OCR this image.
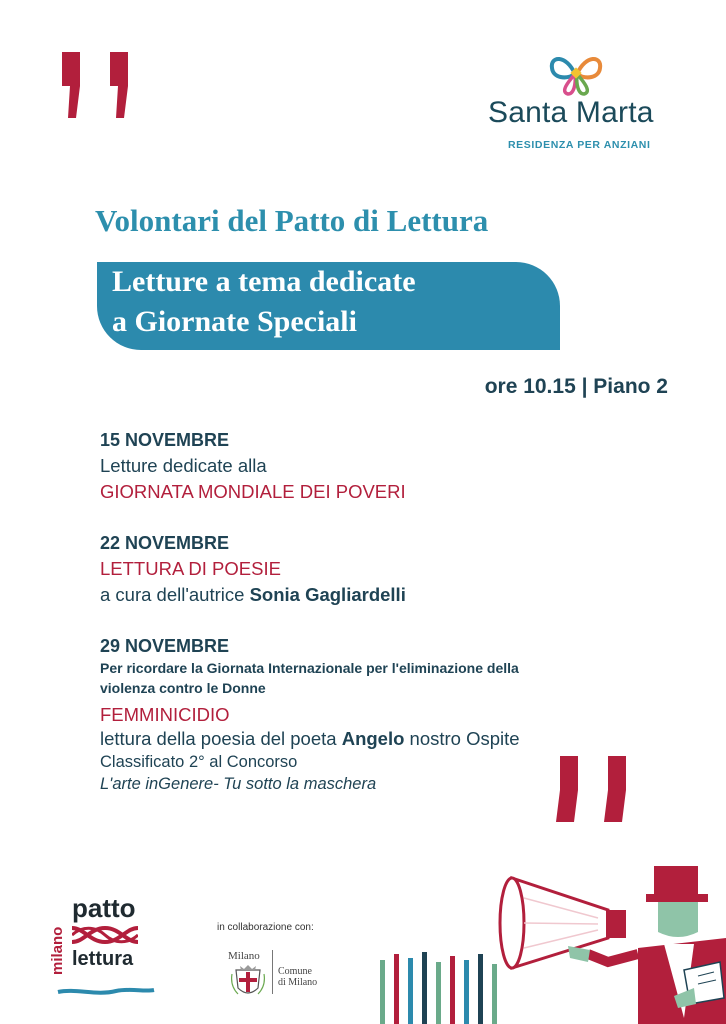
Santa Marta
RESIDENZA PER ANZIANI
Volontari del Patto di Lettura
Letture a tema dedicate
a Giornate Speciali
ore 10.15 | Piano 2
15 NOVEMBRE
Letture dedicate alla
GIORNATA MONDIALE DEI POVERI
22 NOVEMBRE
LETTURA DI POESIE
a cura dell'autrice Sonia Gagliardelli
29 NOVEMBRE
Per ricordare la Giornata Internazionale per l'eliminazione della
violenza contro le Donne
FEMMINICIDIO
lettura della poesia del poeta Angelo nostro Ospite
Classificato 2° al Concorso
L'arte inGenere- Tu sotto la maschera
milano
patto
lettura
in collaborazione con:
Milano
Comune
di Milano
